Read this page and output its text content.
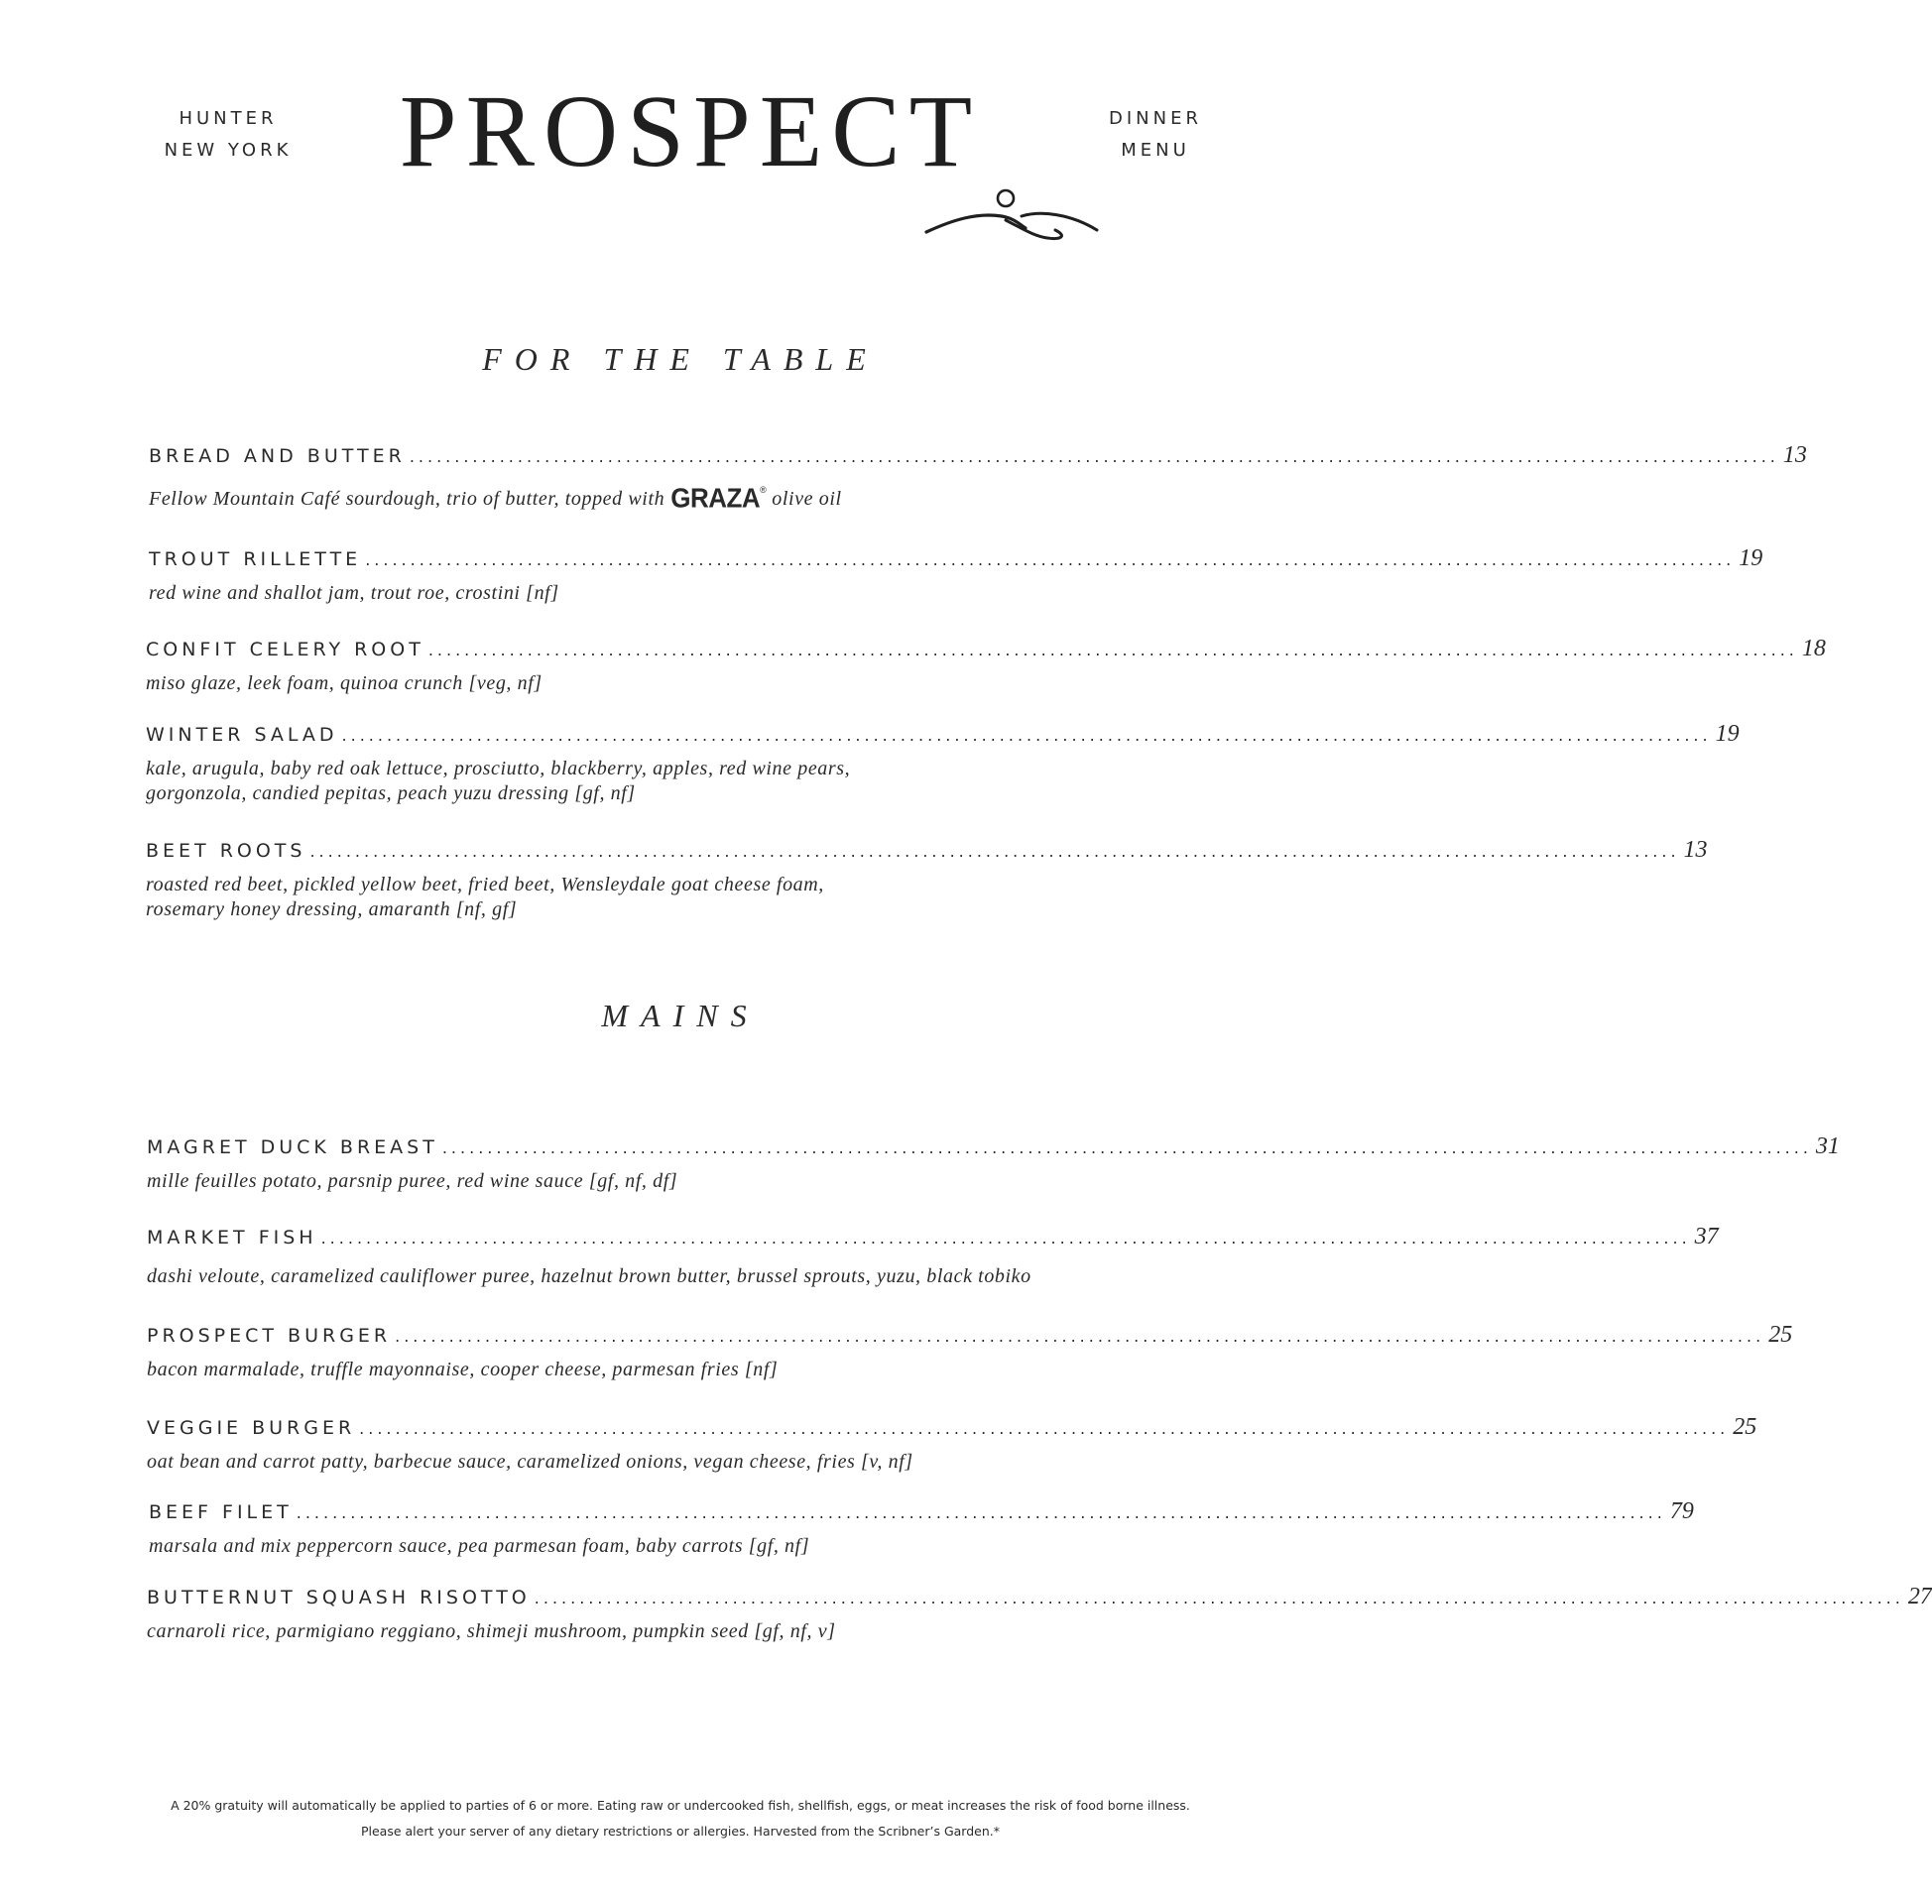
HUNTER
NEW YORK PROSPECT	DINNER
MENU
FOR THE TABLE
BREAD AND BUTTER ........................................................................................................................................................ 13
Fellow Mountain Café sourdough, trio of butter, topped with GRAZA® olive oil
TROUT RILLETTE ........................................................................................................................................................ 19
red wine and shallot jam, trout roe, crostini [nf]
CONFIT CELERY ROOT ........................................................................................................................................................ 18
miso glaze, leek foam, quinoa crunch [veg, nf]
WINTER SALAD ........................................................................................................................................................ 19
kale, arugula, baby red oak lettuce, prosciutto, blackberry, apples, red wine pears,
gorgonzola, candied pepitas, peach yuzu dressing [gf, nf]
BEET ROOTS ........................................................................................................................................................ 13
roasted red beet, pickled yellow beet, fried beet, Wensleydale goat cheese foam,
rosemary honey dressing, amaranth [nf, gf]
MAINS
MAGRET DUCK BREAST ........................................................................................................................................................ 31
mille feuilles potato, parsnip puree, red wine sauce [gf, nf, df]
MARKET FISH ........................................................................................................................................................ 37
dashi veloute, caramelized cauliflower puree, hazelnut brown butter, brussel sprouts, yuzu, black tobiko
PROSPECT BURGER ........................................................................................................................................................ 25
bacon marmalade, truffle mayonnaise, cooper cheese, parmesan fries [nf]
VEGGIE BURGER ........................................................................................................................................................ 25
oat bean and carrot patty, barbecue sauce, caramelized onions, vegan cheese, fries [v, nf]
BEEF FILET ........................................................................................................................................................ 79
marsala and mix peppercorn sauce, pea parmesan foam, baby carrots [gf, nf]
BUTTERNUT SQUASH RISOTTO ........................................................................................................................................................ 27
carnaroli rice, parmigiano reggiano, shimeji mushroom, pumpkin seed [gf, nf, v]
A 20% gratuity will automatically be applied to parties of 6 or more. Eating raw or undercooked fish, shellfish, eggs, or meat increases the risk of food borne illness.
Please alert your server of any dietary restrictions or allergies. Harvested from the Scribner’s Garden.*
